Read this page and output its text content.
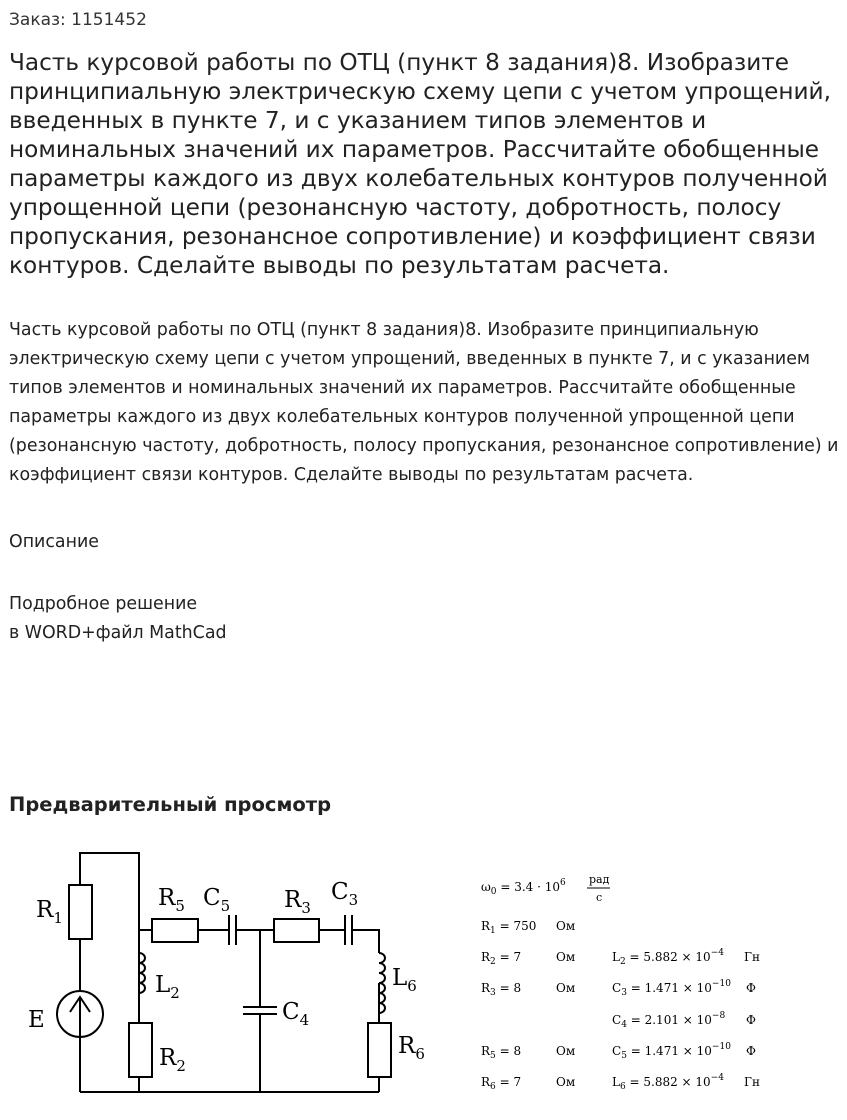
Заказ: 1151452
Часть курсовой работы по ОТЦ (пункт 8 задания)8. Изобразите принципиальную электрическую схему цепи с учетом упрощений, введенных в пункте 7, и с указанием типов элементов и номинальных значений их параметров. Рассчитайте обобщенные параметры каждого из двух колебательных контуров полученной упрощенной цепи (резонансную частоту, добротность, полосу пропускания, резонансное сопротивление) и коэффициент связи контуров. Сделайте выводы по результатам расчета.

Часть курсовой работы по ОТЦ (пункт 8 задания)8. Изобразите принципиальную электрическую схему цепи с учетом упрощений, введенных в пункте 7, и с указанием типов элементов и номинальных значений их параметров. Рассчитайте обобщенные параметры каждого из двух колебательных контуров полученной упрощенной цепи (резонансную частоту, добротность, полосу пропускания, резонансное сопротивление) и коэффициент связи контуров. Сделайте выводы по результатам расчета.

Описание
Подробное решение
в WORD+файл MathCad
Предварительный просмотр
$R_1$
$R_5$ $C_5$ $R_3$
$C_3$
$L_2$
$L_6$
$C_4$
$R_2$
$R_6$
E
$\omega_0 = 3.4 \cdot 10^6$ рад
с
$R_1 = 750$ Ом
$R_2 = 7$	Ом	$L_2 = 5.882 \times 10^{-4}$ Гн
$R_3 = 8$	Ом	$C_3 = 1.471 \times 10^{-10}$ Ф
$C_4 = 2.101 \times 10^{-8}$ Ф
$R_5 = 8$	Ом	$C_5 = 1.471 \times 10^{-10}$ Ф
$R_6 = 7$	Ом	$L_6 = 5.882 \times 10^{-4}$ Гн
